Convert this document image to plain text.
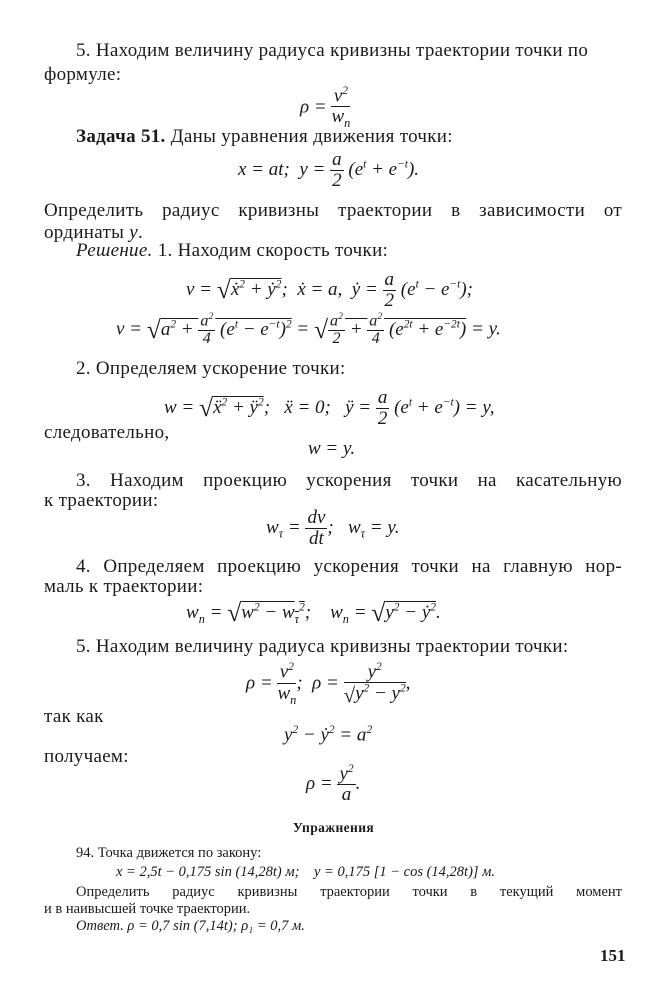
5. Находим величину радиуса кривизны траектории точки по
формуле:
$\rho = \frac{v^2}{w_n}$
Задача 51. Даны уравнения движения точки:
x = at;  $y = \frac{a}{2} (e^t + e^{-t})$.
Определить радиус кривизны траектории в зависимости от
ординаты y.
Решение. 1. Находим скорость точки:
v = √ẋ$^2$ + ẏ$^2$;  ẋ = a,  ẏ = $\frac{a}{2} (e^t - e^{-t})$;
$v = √a^2 + \frac{a^2}{4} (e^t - e^{-t})^2$ = √ $\frac{a^2}{2} + \frac{a^2}{4} (e^{2t} + e^{-2t}) = y$.
2. Определяем ускорение точки:
w = √ẍ$^2$ + $ÿ^2$;   ẍ = 0;   ÿ = $\frac{a}{2} (e^t + e^{-t}) = y$,
следовательно,
w = y.
3. Находим проекцию ускорения точки на касательную
к траектории:
$w_\tau = \frac{dv}{dt}$ ;   $w_\tau = y$.
4. Определяем проекцию ускорения точки на главную нор-
маль к траектории:
$w_n = √w^2 - w_\tau^2$;    $w_n = √y^2$ − ẏ$^2$.
5. Находим величину радиуса кривизны траектории точки:
$\rho = \frac{v^2}{w_n}$ ;  $\rho = \frac{y^2}{√y^2 - y^2}$ ,
так как
$y^2$ − ẏ$^2$ = $a^2$
получаем:
$\rho = \frac{y^2}{a}$ .
Упражнения
94. Точка движется по закону:
x = 2,5t − 0,175 sin (14,28t) м; y = 0,175 [1 − cos (14,28t)] м.
Определить радиус кривизны траектории точки в текущий момент
и в наивысшей точке траектории.
Ответ. ρ = 0,7 sin (7,14t); ρ₁ = 0,7 м.
151
